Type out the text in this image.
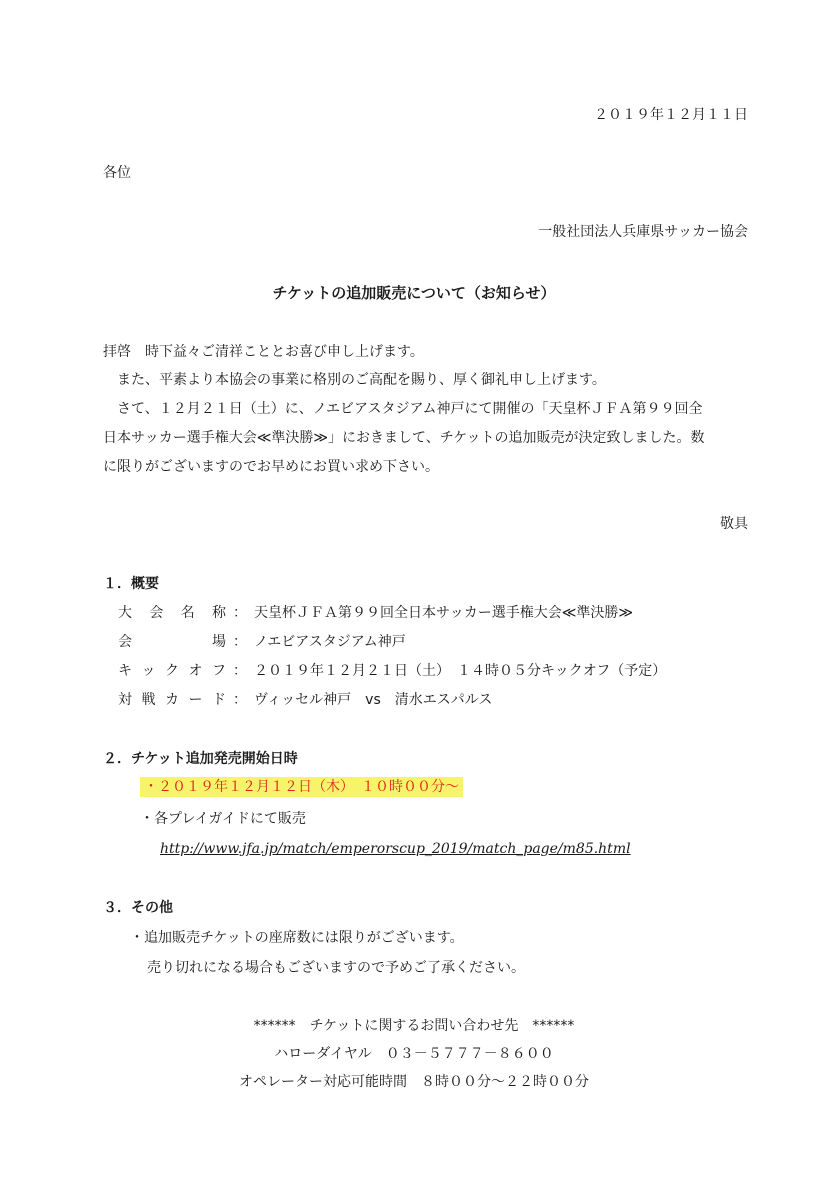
２０１９年１２月１１日
各位
一般社団法人兵庫県サッカー協会
チケットの追加販売について（お知らせ）
拝啓　時下益々ご清祥こととお喜び申し上げます。
　また、平素より本協会の事業に格別のご高配を賜り、厚く御礼申し上げます。
　さて、１２月２１日（土）に、ノエビアスタジアム神戸にて開催の「天皇杯ＪＦＡ第９９回全
日本サッカー選手権大会≪準決勝≫」におきまして、チケットの追加販売が決定致しました。数
に限りがございますのでお早めにお買い求め下さい。
敬具
１．概要
大 会 名 称 ： 天皇杯ＪＦＡ第９９回全日本サッカー選手権大会≪準決勝≫
会	場 ： ノエビアスタジアム神戸
キ ッ ク オ フ ： ２０１９年１２月２１日（土）　１４時０５分キックオフ（予定）
対 戦 カ ー ド ： ヴィッセル神戸　vs　清水エスパルス
２．チケット追加発売開始日時
・２０１９年１２月１２日（木）　１０時００分～
・各プレイガイドにて販売
http://www.jfa.jp/match/emperorscup_2019/match_page/m85.html
３．その他
・追加販売チケットの座席数には限りがございます。
売り切れになる場合もございますので予めご了承ください。
******　チケットに関するお問い合わせ先　******
ハローダイヤル　０３－５７７７－８６００
オペレーター対応可能時間　８時００分～２２時００分
